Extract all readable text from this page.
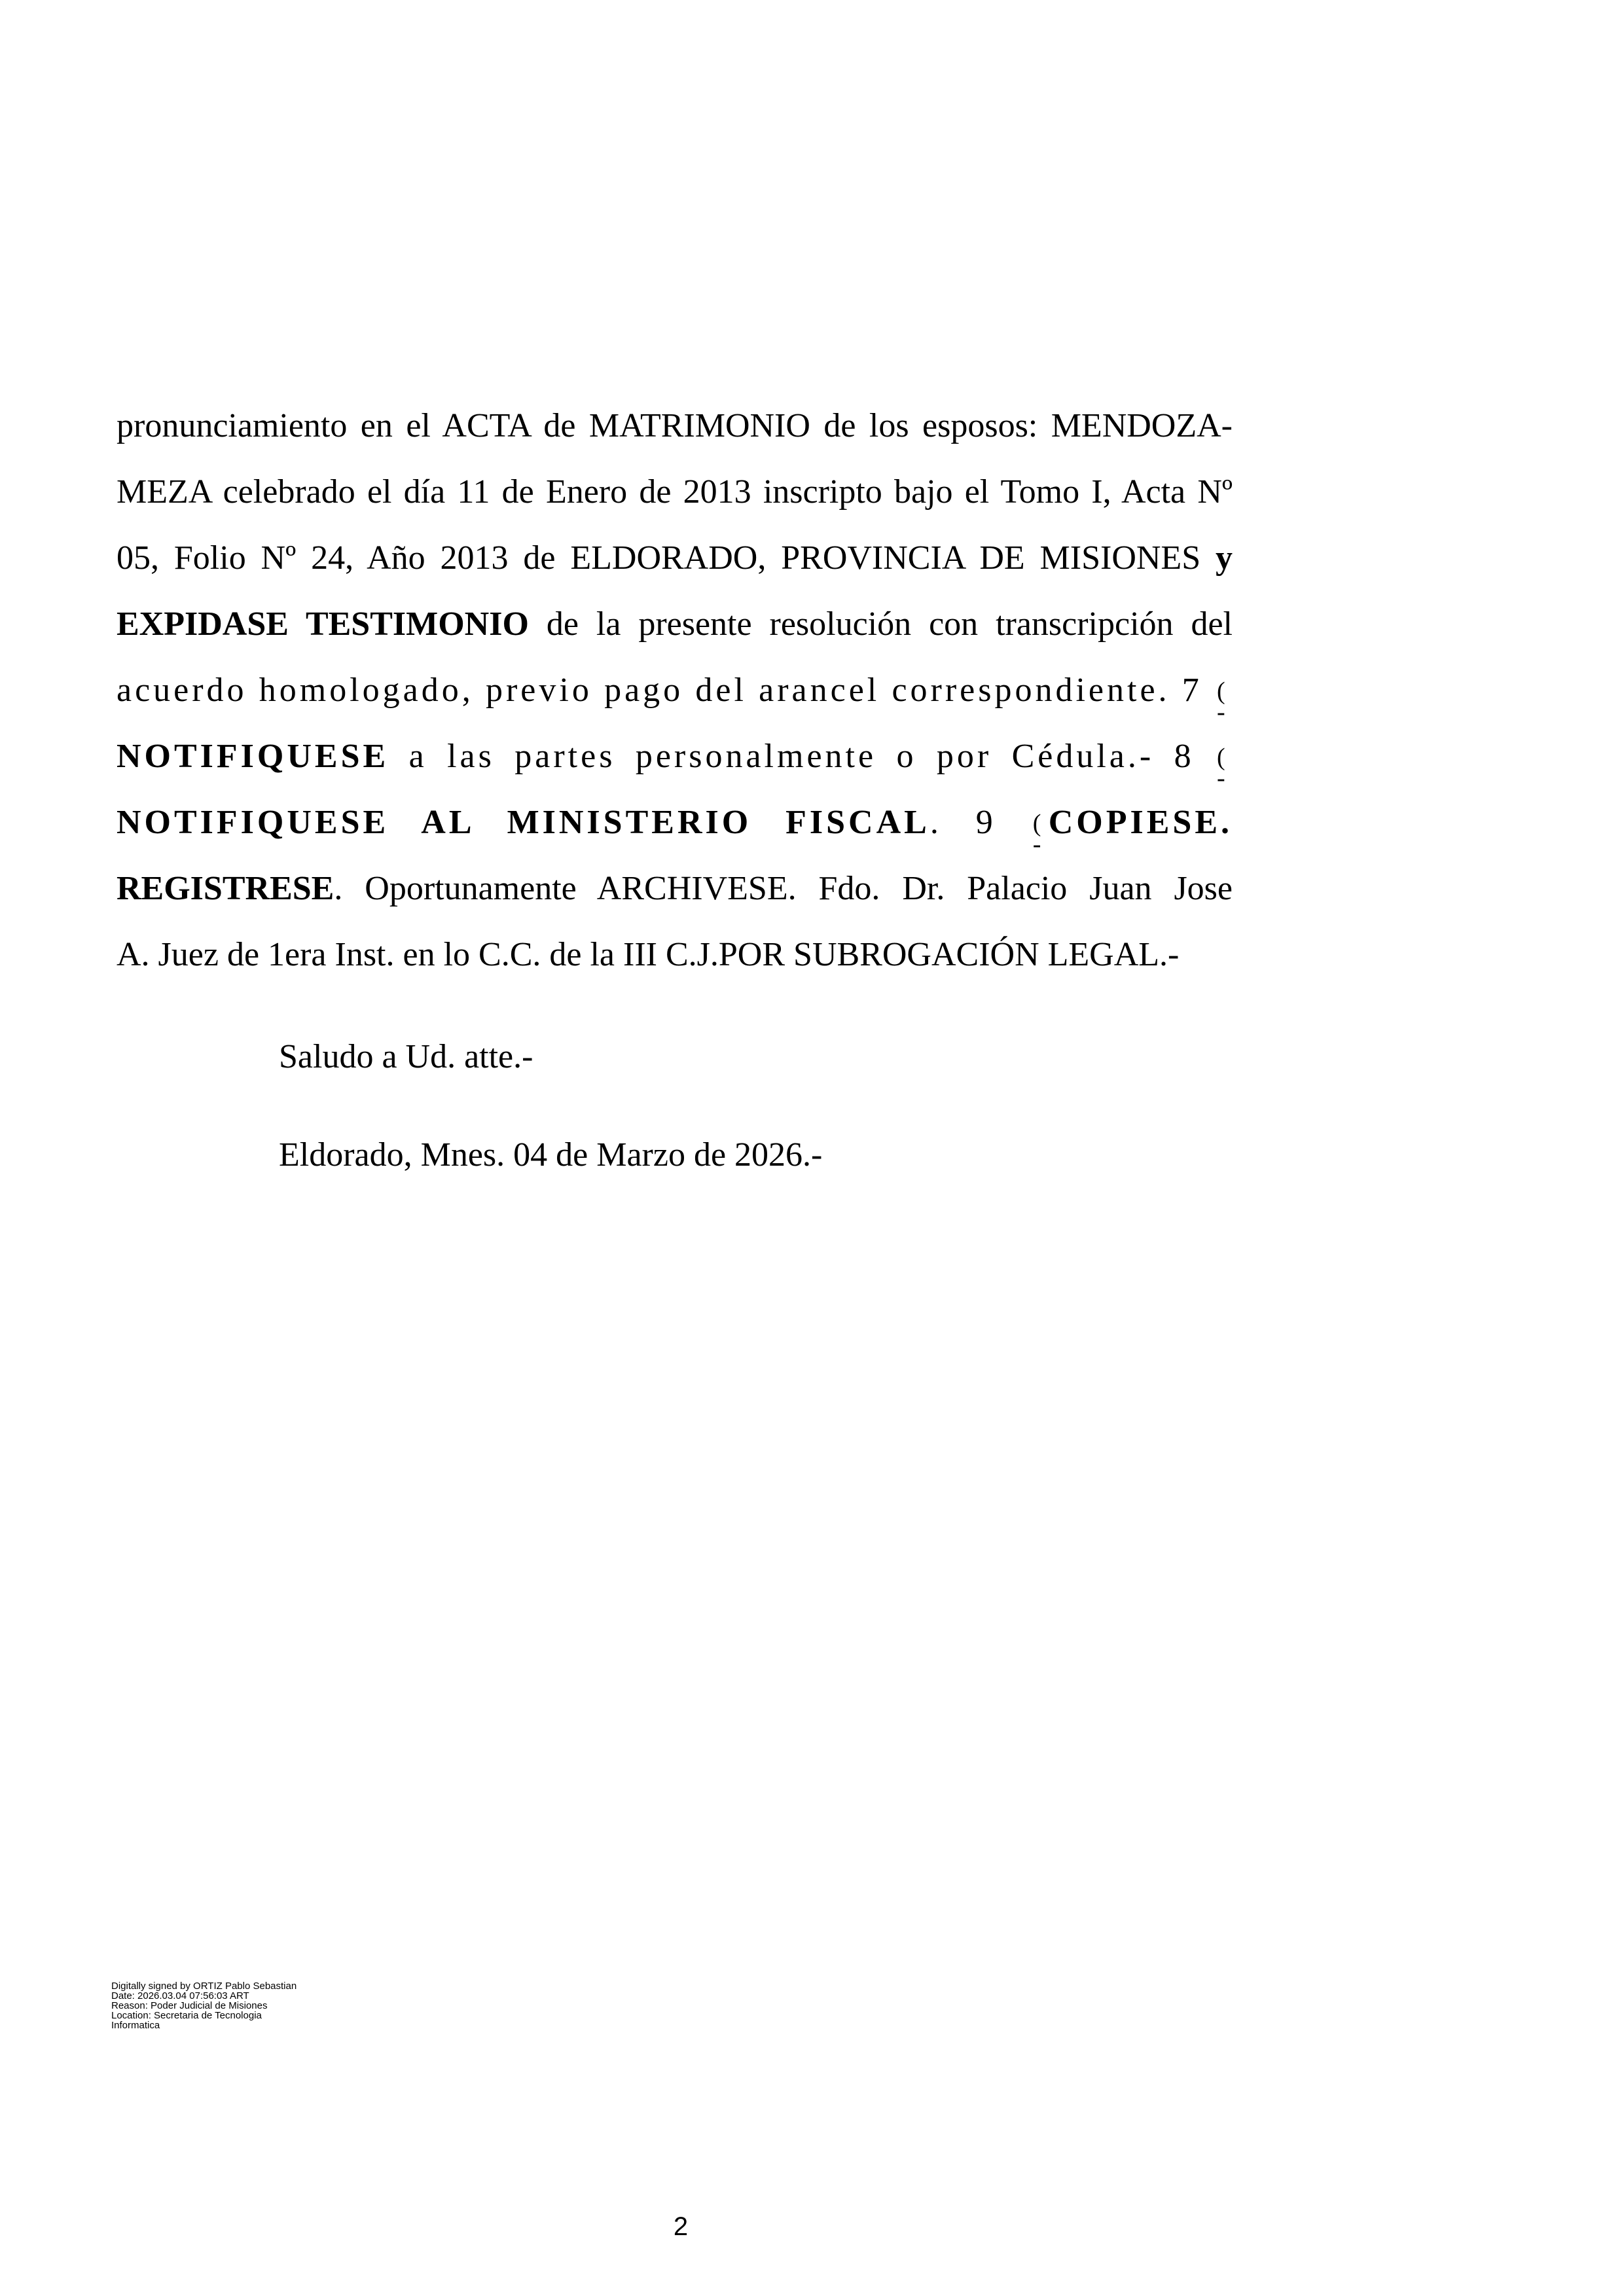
pronunciamiento en el ACTA de MATRIMONIO de los esposos: MENDOZA-
MEZA celebrado el día 11 de Enero de 2013 inscripto bajo el Tomo I, Acta Nº
05, Folio Nº 24, Año 2013 de ELDORADO, PROVINCIA DE MISIONES y
EXPIDASE TESTIMONIO de la presente resolución con transcripción del
acuerdo homologado, previo pago del arancel correspondiente. 7 (
-
NOTIFIQUESE a las partes personalmente o por Cédula.- 8 (
-
NOTIFIQUESE AL MINISTERIO FISCAL. 9 (
-
COPIESE.
REGISTRESE. Oportunamente ARCHIVESE. Fdo. Dr. Palacio Juan Jose
A. Juez de 1era Inst. en lo C.C. de la III C.J.POR SUBROGACIÓN LEGAL.-
Saludo a Ud. atte.-
Eldorado, Mnes. 04 de Marzo de 2026.-
Digitally signed by ORTIZ Pablo Sebastian
Date: 2026.03.04 07:56:03 ART
Reason: Poder Judicial de Misiones
Location: Secretaria de Tecnologia
Informatica
2
